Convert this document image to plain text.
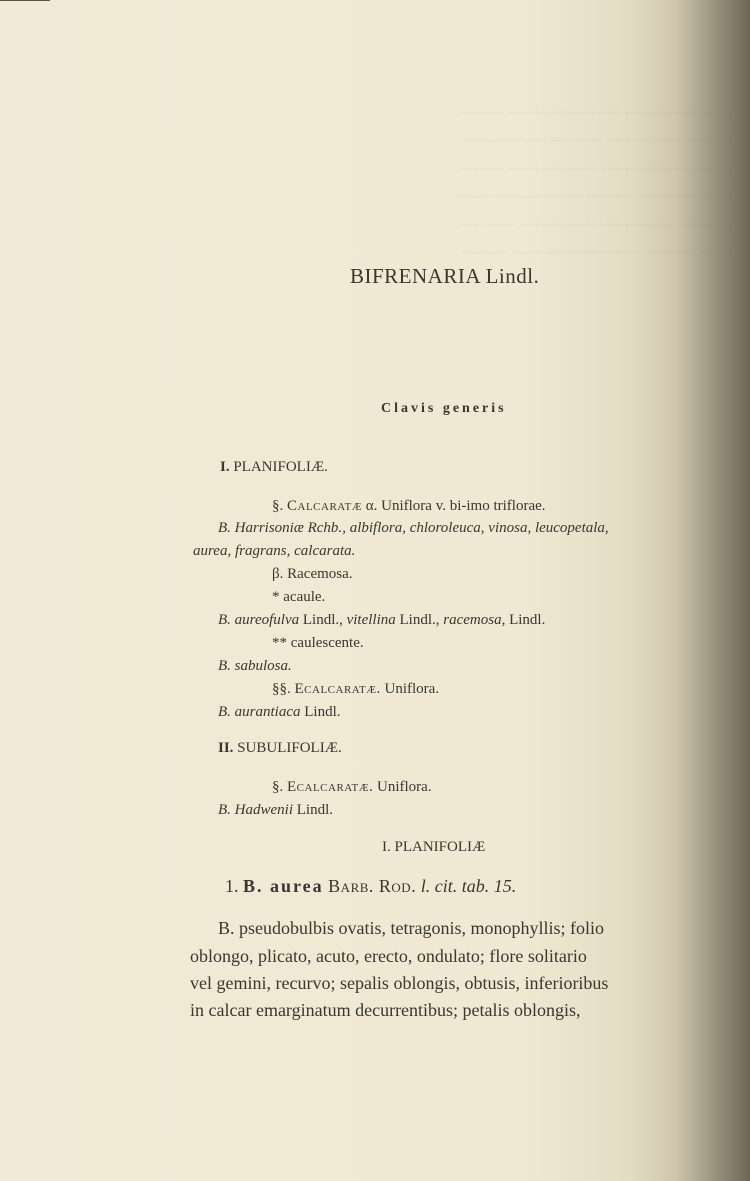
~~~~ ~~~~~~ ~~~ ~~~~~~~ ~~ ~~~~~ ~~~~~~
~~~~~~ ~~~~ ~~~ ~~ ~~~~~~~ ~~~ ~~~~~~~~
~~~~~ ~~~~~~~ ~~~~ ~~~~ ~~~ ~~~~ ~~~~~~
~~~ ~~~~~~~~~ ~~~~~~ ~~~~ ~~~~~~~ ~~~~~
~~~~~~~ ~~~ ~~~~~~~ ~~~ ~~~~~~ ~~~~ ~~~
~~~~ ~~~~~~~ ~~~~~ ~~~~~~~~ ~~~ ~~~~~~
BIFRENARIA Lindl.
Clavis generis
I. PLANIFOLIÆ.
§. Calcaratæ α. Uniflora v. bi-imo triflorae.
B. Harrisoniæ Rchb., albiflora, chloroleuca, vinosa, leucopetala,
aurea, fragrans, calcarata.
β. Racemosa.
* acaule.
B. aureofulva Lindl., vitellina Lindl., racemosa, Lindl.
** caulescente.
B. sabulosa.
§§. Ecalcaratæ. Uniflora.
B. aurantiaca Lindl.
II. SUBULIFOLIÆ.
§. Ecalcaratæ. Uniflora.
B. Hadwenii Lindl.
I. PLANIFOLIÆ
1. B. aurea Barb. Rod. l. cit. tab. 15.
B. pseudobulbis ovatis, tetragonis, monophyllis; folio
oblongo, plicato, acuto, erecto, ondulato; flore solitario
vel gemini, recurvo; sepalis oblongis, obtusis, inferioribus
in calcar emarginatum decurrentibus; petalis oblongis,
